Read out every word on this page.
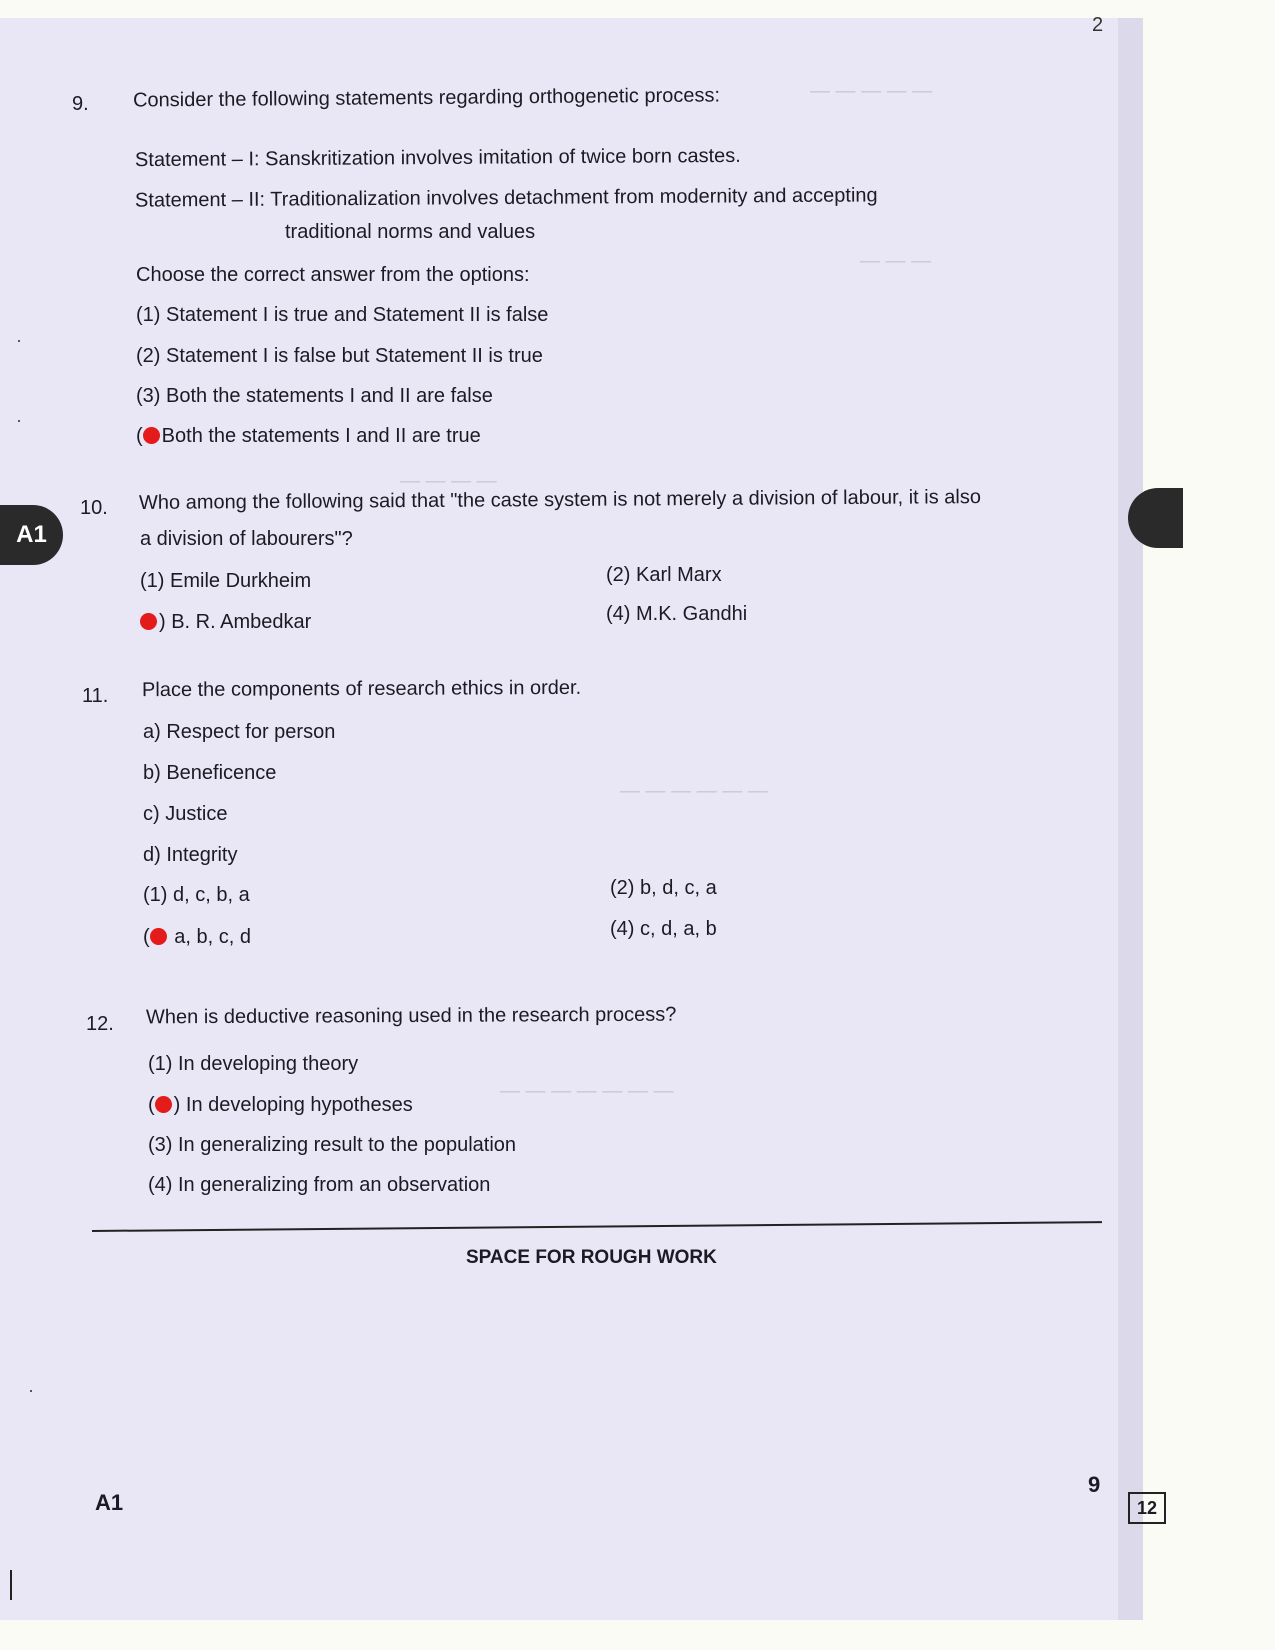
— — — — —
— — —
— — — —
— — — — — —
— — — — — — —
2
A1
9. Consider the following statements regarding orthogenetic process:
Statement – I: Sanskritization involves imitation of twice born castes.
Statement – II: Traditionalization involves detachment from modernity and accepting
traditional norms and values
Choose the correct answer from the options:
(1) Statement I is true and Statement II is false
(2) Statement I is false but Statement II is true
(3) Both the statements I and II are false
( Both the statements I and II are true
10. Who among the following said that "the caste system is not merely a division of labour, it is also
a division of labourers"?
(1) Emile Durkheim	(2) Karl Marx
) B. R. Ambedkar	(4) M.K. Gandhi
11. Place the components of research ethics in order.
a) Respect for person
b) Beneficence
c) Justice
d) Integrity
(1) d, c, b, a	(2) b, d, c, a
( a, b, c, d	(4) c, d, a, b
12. When is deductive reasoning used in the research process?
(1) In developing theory
( ) In developing hypotheses
(3) In generalizing result to the population
(4) In generalizing from an observation
SPACE FOR ROUGH WORK
A1
9
12
